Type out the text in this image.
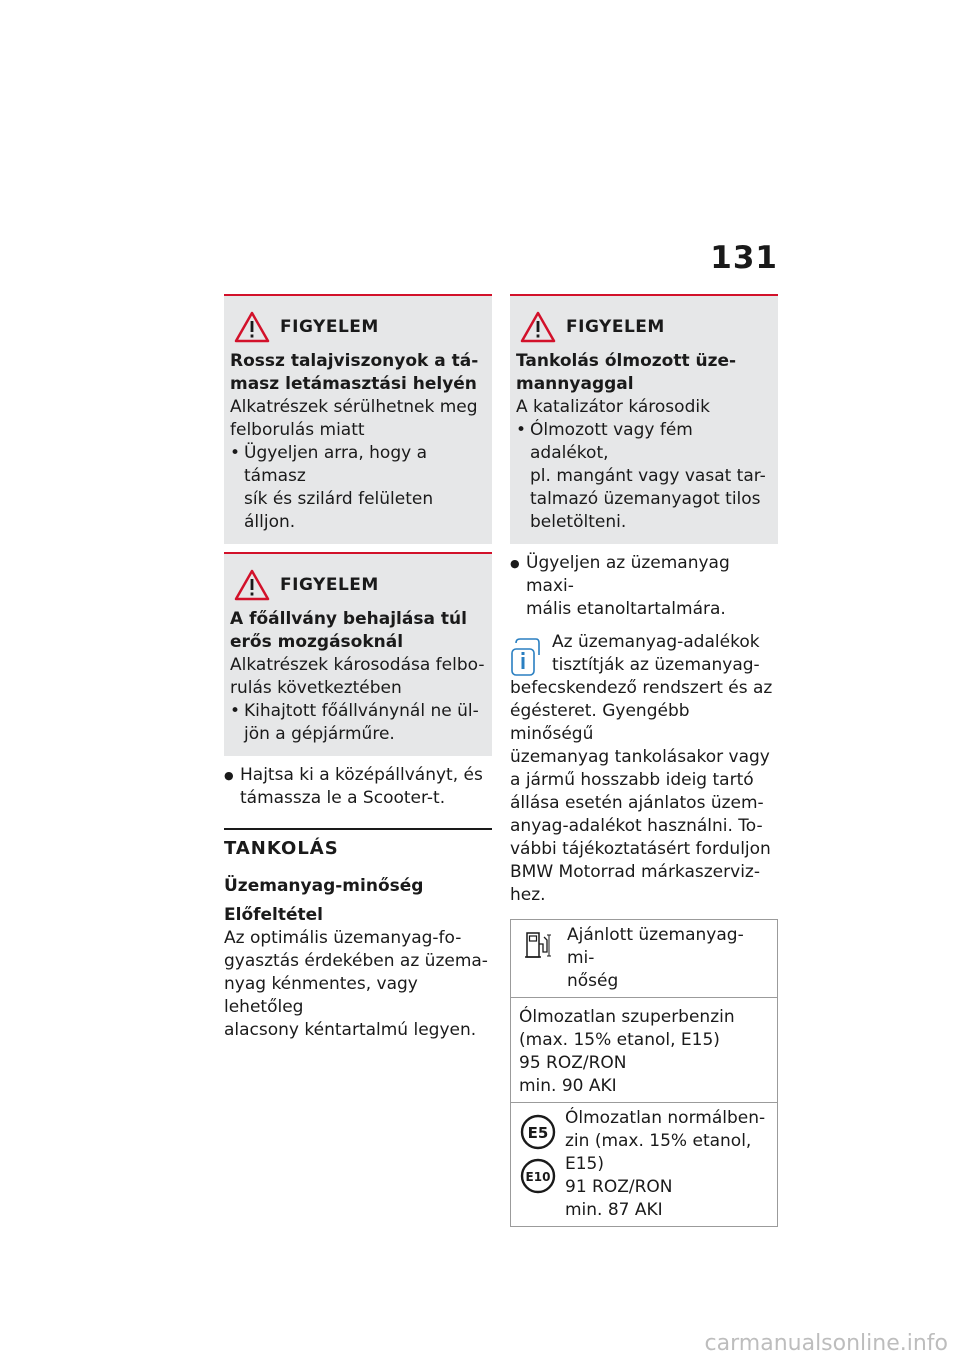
131
FIGYELEM
Rossz talajviszonyok a tá-
masz letámasztási helyén
Alkatrészek sérülhetnek meg
felborulás miatt
• Ügyeljen arra, hogy a támasz
sík és szilárd felületen álljon.
FIGYELEM
A főállvány behajlása túl
erős mozgásoknál
Alkatrészek károsodása felbo-
rulás következtében
• Kihajtott főállványnál ne ül-
jön a gépjárműre.
● Hajtsa ki a középállványt, és
támassza le a Scooter-t.
TANKOLÁS
Üzemanyag-minőség
Előfeltétel
Az optimális üzemanyag-fo-
gyasztás érdekében az üzema-
nyag kénmentes, vagy lehetőleg
alacsony kéntartalmú legyen.
FIGYELEM
Tankolás ólmozott üze-
mannyaggal
A katalizátor károsodik
• Ólmozott vagy fém adalékot,
pl. mangánt vagy vasat tar-
talmazó üzemanyagot tilos
beletölteni.
● Ügyeljen az üzemanyag maxi-
mális etanoltartalmára.
Az üzemanyag-adalékok
tisztítják az üzemanyag-
befecskendező rendszert és az
égésteret. Gyengébb minőségű
üzemanyag tankolásakor vagy
a jármű hosszabb ideig tartó
állása esetén ajánlatos üzem-
anyag-adalékot használni. To-
vábbi tájékoztatásért forduljon
BMW Motorrad márkaszerviz-
hez.
Ajánlott üzemanyag-mi-
nőség
Ólmozatlan szuperbenzin
(max. 15% etanol, E15)
95 ROZ/RON
min. 90 AKI
E5
E10
Ólmozatlan normálben-
zin (max. 15% etanol,
E15)
91 ROZ/RON
min. 87 AKI
carmanualsonline.info
